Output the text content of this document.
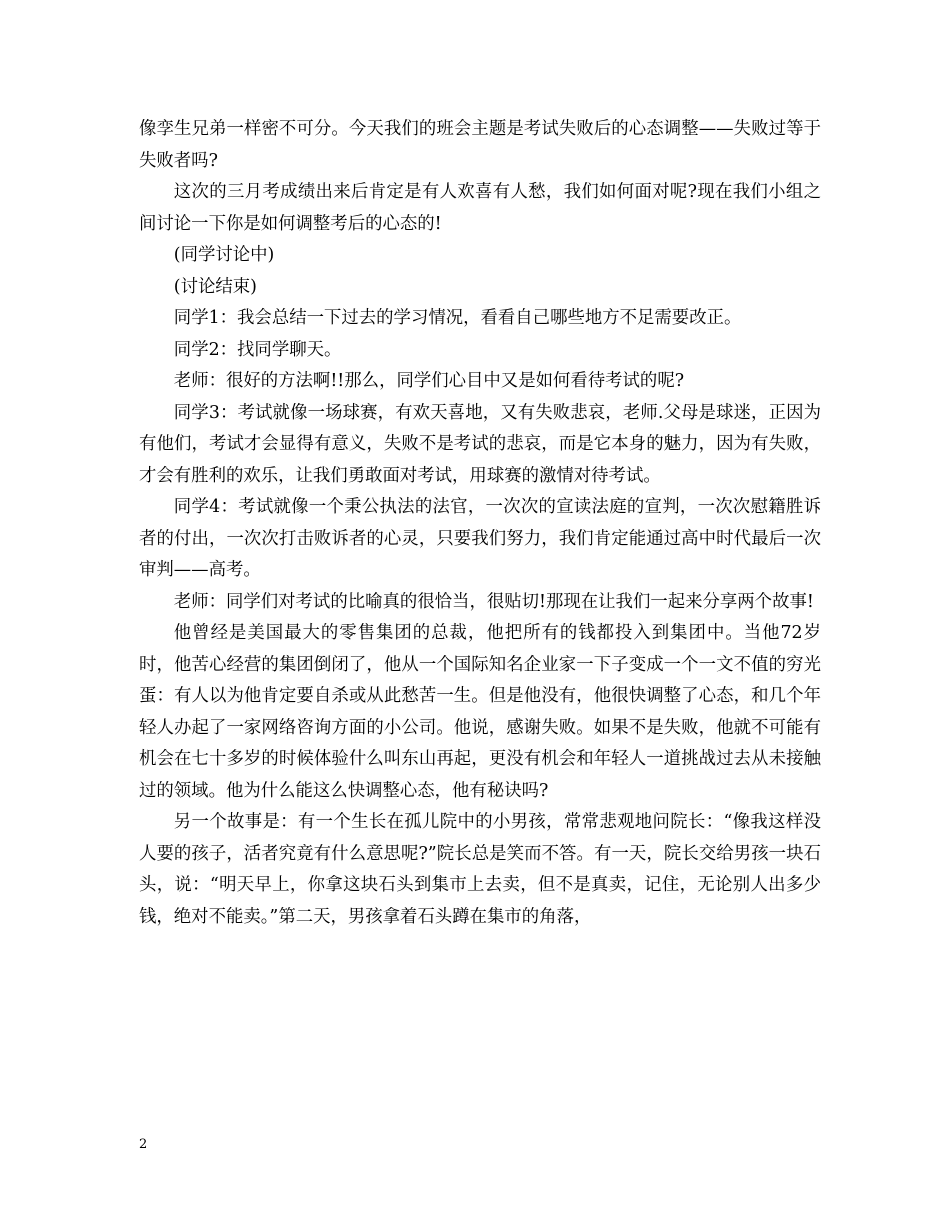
像孪生兄弟一样密不可分。今天我们的班会主题是考试失败后的心态调整——失败过等于失败者吗?

这次的三月考成绩出来后肯定是有人欢喜有人愁，我们如何面对呢?现在我们小组之间讨论一下你是如何调整考后的心态的!

(同学讨论中)

(讨论结束)

同学1：我会总结一下过去的学习情况，看看自己哪些地方不足需要改正。

同学2：找同学聊天。

老师：很好的方法啊!!那么，同学们心目中又是如何看待考试的呢?

同学3：考试就像一场球赛，有欢天喜地，又有失败悲哀，老师.父母是球迷，正因为有他们，考试才会显得有意义，失败不是考试的悲哀，而是它本身的魅力，因为有失败，才会有胜利的欢乐，让我们勇敢面对考试，用球赛的激情对待考试。

同学4：考试就像一个秉公执法的法官，一次次的宣读法庭的宣判，一次次慰籍胜诉者的付出，一次次打击败诉者的心灵，只要我们努力，我们肯定能通过高中时代最后一次审判——高考。

老师：同学们对考试的比喻真的很恰当，很贴切!那现在让我们一起来分享两个故事!

他曾经是美国最大的零售集团的总裁，他把所有的钱都投入到集团中。当他72岁时，他苦心经营的集团倒闭了，他从一个国际知名企业家一下子变成一个一文不值的穷光蛋：有人以为他肯定要自杀或从此愁苦一生。但是他没有，他很快调整了心态，和几个年轻人办起了一家网络咨询方面的小公司。他说，感谢失败。如果不是失败，他就不可能有机会在七十多岁的时候体验什么叫东山再起，更没有机会和年轻人一道挑战过去从未接触过的领域。他为什么能这么快调整心态，他有秘诀吗?

另一个故事是：有一个生长在孤儿院中的小男孩，常常悲观地问院长：“像我这样没人要的孩子，活者究竟有什么意思呢?”院长总是笑而不答。有一天，院长交给男孩一块石头，说：“明天早上，你拿这块石头到集市上去卖，但不是真卖，记住，无论别人出多少钱，绝对不能卖。”第二天，男孩拿着石头蹲在集市的角落，

2
